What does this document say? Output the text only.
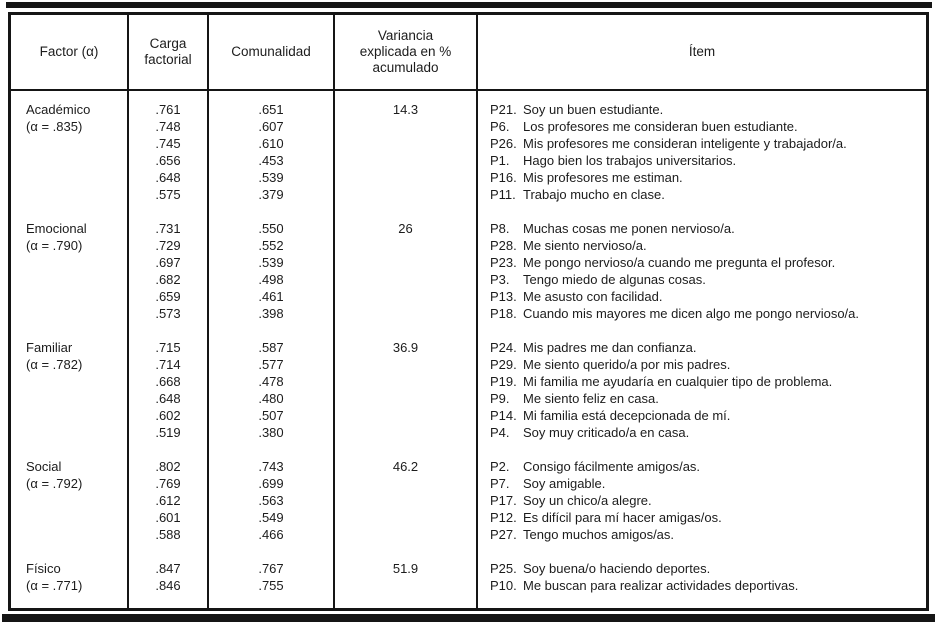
Factor (α)	Carga factorial	Comunalidad	Variancia explicada en % acumulado	Ítem

Académico
(α = .835)	.761	.651	14.3	P21. Soy un buen estudiante.
	.748	.607		P6. Los profesores me consideran buen estudiante.
	.745	.610		P26. Mis profesores me consideran inteligente y trabajador/a.
	.656	.453		P1. Hago bien los trabajos universitarios.
	.648	.539		P16. Mis profesores me estiman.
	.575	.379		P11. Trabajo mucho en clase.

Emocional
(α = .790)	.731	.550	26	P8. Muchas cosas me ponen nervioso/a.
	.729	.552		P28. Me siento nervioso/a.
	.697	.539		P23. Me pongo nervioso/a cuando me pregunta el profesor.
	.682	.498		P3. Tengo miedo de algunas cosas.
	.659	.461		P13. Me asusto con facilidad.
	.573	.398		P18. Cuando mis mayores me dicen algo me pongo nervioso/a.

Familiar
(α = .782)	.715	.587	36.9	P24. Mis padres me dan confianza.
	.714	.577		P29. Me siento querido/a por mis padres.
	.668	.478		P19. Mi familia me ayudaría en cualquier tipo de problema.
	.648	.480		P9. Me siento feliz en casa.
	.602	.507		P14. Mi familia está decepcionada de mí.
	.519	.380		P4. Soy muy criticado/a en casa.

Social
(α = .792)	.802	.743	46.2	P2. Consigo fácilmente amigos/as.
	.769	.699		P7. Soy amigable.
	.612	.563		P17. Soy un chico/a alegre.
	.601	.549		P12. Es difícil para mí hacer amigas/os.
	.588	.466		P27. Tengo muchos amigos/as.

Físico
(α = .771)	.847	.767	51.9	P25. Soy buena/o haciendo deportes.
	.846	.755		P10. Me buscan para realizar actividades deportivas.
